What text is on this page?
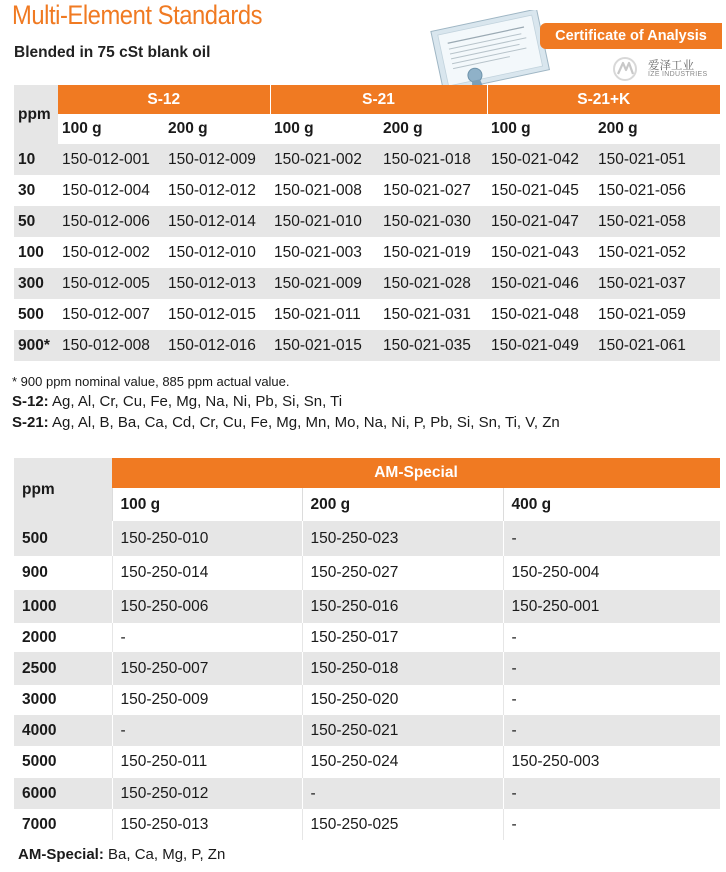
Multi-Element Standards
Blended in 75 cSt blank oil
Certificate of Analysis
爱泽工业
IZE INDUSTRIES
ppm	S-12		S-21		S-21+K	
	100 g	200 g	100 g	200 g	100 g	200 g
10	150-012-001	150-012-009	150-021-002	150-021-018	150-021-042	150-021-051
30	150-012-004	150-012-012	150-021-008	150-021-027	150-021-045	150-021-056
50	150-012-006	150-012-014	150-021-010	150-021-030	150-021-047	150-021-058
100	150-012-002	150-012-010	150-021-003	150-021-019	150-021-043	150-021-052
300	150-012-005	150-012-013	150-021-009	150-021-028	150-021-046	150-021-037
500	150-012-007	150-012-015	150-021-011	150-021-031	150-021-048	150-021-059
900*	150-012-008	150-012-016	150-021-015	150-021-035	150-021-049	150-021-061
* 900 ppm nominal value, 885 ppm actual value.
S-12: Ag, Al, Cr, Cu, Fe, Mg, Na, Ni, Pb, Si, Sn, Ti
S-21: Ag, Al, B, Ba, Ca, Cd, Cr, Cu, Fe, Mg, Mn, Mo, Na, Ni, P, Pb, Si, Sn, Ti, V, Zn
ppm	AM-Special		
	100 g	200 g	400 g
500	150-250-010	150-250-023	-
900	150-250-014	150-250-027	150-250-004
1000	150-250-006	150-250-016	150-250-001
2000	-	150-250-017	-
2500	150-250-007	150-250-018	-
3000	150-250-009	150-250-020	-
4000	-	150-250-021	-
5000	150-250-011	150-250-024	150-250-003
6000	150-250-012	-	-
7000	150-250-013	150-250-025	-
AM-Special: Ba, Ca, Mg, P, Zn
